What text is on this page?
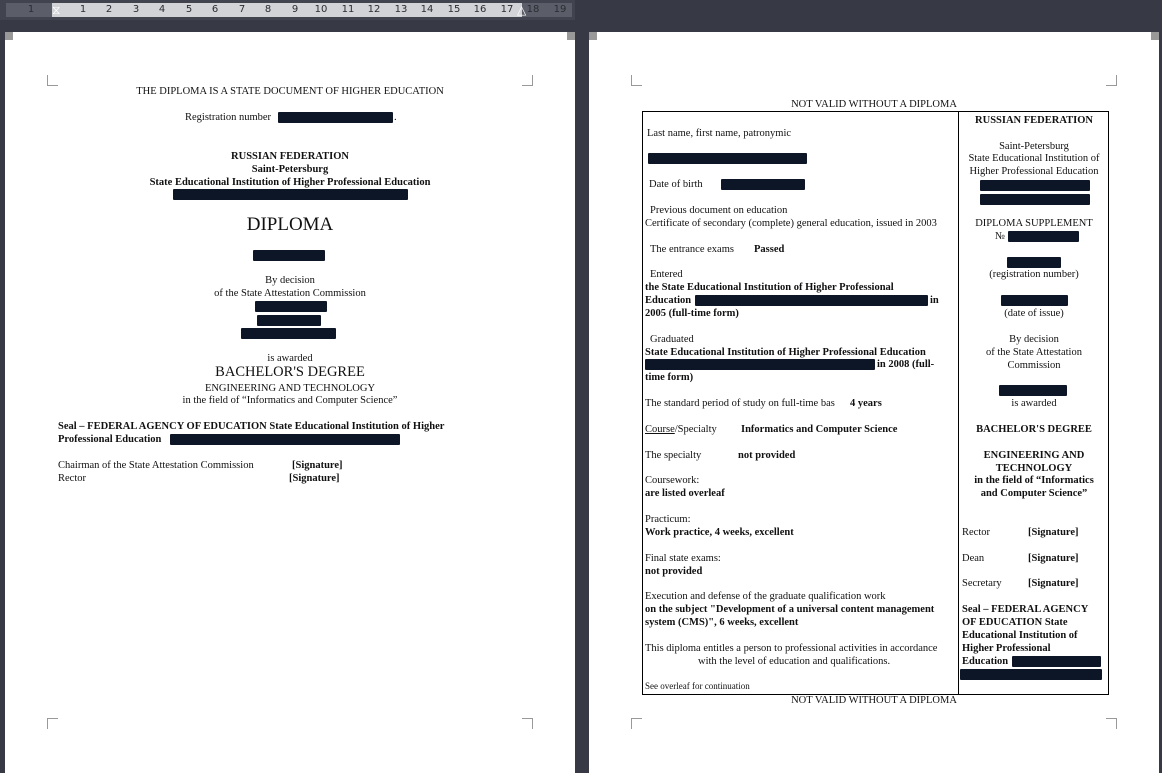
1 ⧖ 1 2 3 4 5 6 7 8 9 10 11 12 13 14 15 16 17 △ 18 19
THE DIPLOMA IS A STATE DOCUMENT OF HIGHER EDUCATION
Registration number	.
RUSSIAN FEDERATION
Saint-Petersburg
State Educational Institution of Higher Professional Education
DIPLOMA
By decision
of the State Attestation Commission
is awarded
BACHELOR'S DEGREE
ENGINEERING AND TECHNOLOGY
in the field of “Informatics and Computer Science”
Seal – FEDERAL AGENCY OF EDUCATION State Educational Institution of Higher
Professional Education
Chairman of the State Attestation Commission	[Signature]
Rector	[Signature]
NOT VALID WITHOUT A DIPLOMA
Last name, first name, patronymic
Date of birth
Previous document on education
Certificate of secondary (complete) general education, issued in 2003
The entrance exams Passed
Entered
the State Educational Institution of Higher Professional
Education	in
2005 (full-time form)
Graduated
State Educational Institution of Higher Professional Education
in 2008 (full-
time form)
The standard period of study on full-time bas 4 years
Course/Specialty Informatics and Computer Science
The specialty	not provided
Coursework:
are listed overleaf
Practicum:
Work practice, 4 weeks, excellent
Final state exams:
not provided
Execution and defense of the graduate qualification work
on the subject "Development of a universal content management
system (CMS)", 6 weeks, excellent
This diploma entitles a person to professional activities in accordance
with the level of education and qualifications.
See overleaf for continuation
RUSSIAN FEDERATION
Saint-Petersburg
State Educational Institution of
Higher Professional Education
DIPLOMA SUPPLEMENT
№
(registration number)
(date of issue)
By decision
of the State Attestation
Commission
is awarded
BACHELOR'S DEGREE
ENGINEERING AND
TECHNOLOGY
in the field of “Informatics
and Computer Science”
Rector	[Signature]
Dean	[Signature]
Secretary	[Signature]
Seal – FEDERAL AGENCY
OF EDUCATION State
Educational Institution of
Higher Professional
Education
NOT VALID WITHOUT A DIPLOMA
